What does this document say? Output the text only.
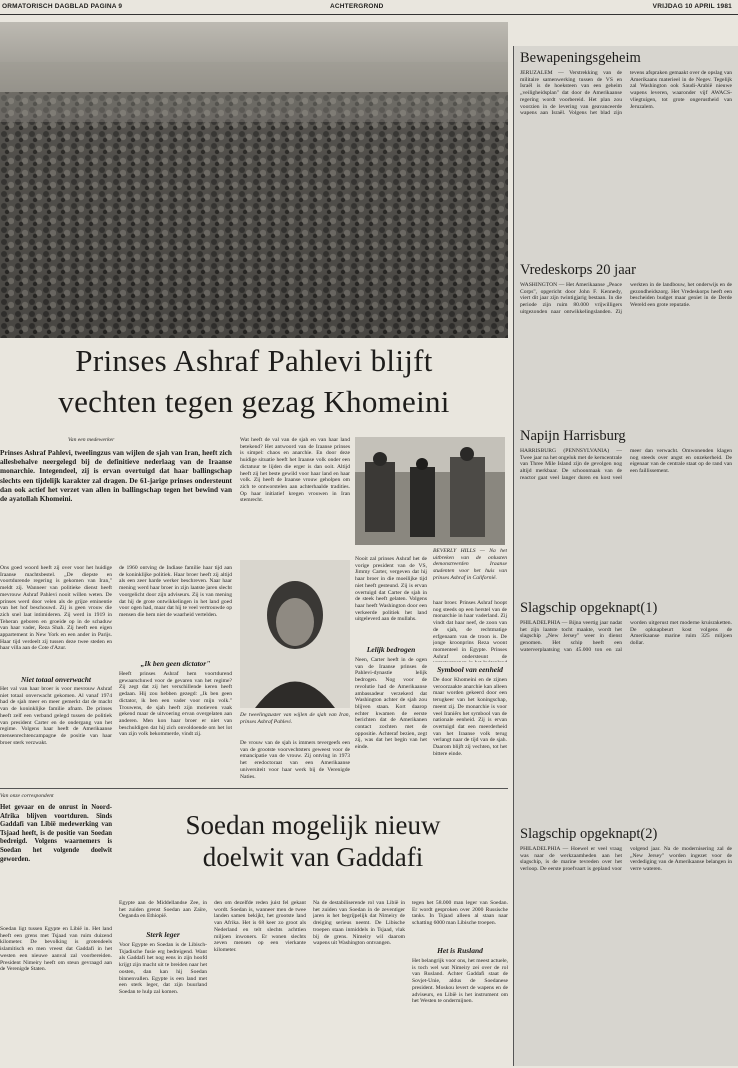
ORMATORISCH DAGBLAD PAGINA 9	ACHTERGROND	VRIJDAG 10 APRIL 1981
Prinses Ashraf Pahlevi blijft
vechten tegen gezag Khomeini
Van een medewerker
Prinses Ashraf Pahlevi, tweelingzus van wijlen de sjah van Iran, heeft zich allesbehalve neergelegd bij de definitieve nederlaag van de Iraanse monarchie. Integendeel, zij is ervan overtuigd dat haar ballingschap slechts een tijdelijk karakter zal dragen. De 61-jarige prinses ondersteunt dan ook actief het verzet van allen in ballingschap tegen het bewind van de ayatollah Khomeini.
Ons goed woord heeft zij over voor het huidige Iraanse machtsbestel. „De diepste en voortdurende regering is gekomen van Iran," meldt zij. Wanneer van politieke dienst heeft mevrouw Ashraf Pahlevi nooit willen weten. De prinses werd door velen als de grijze eminentie van het hof beschouwd. Zij is geen vrouw die zich snel laat intimideren. Zij werd in 1919 in Teheran geboren en groeide op in de schaduw van haar vader, Reza Shah. Zij heeft een eigen appartement in New York en een ander in Parijs. Haar tijd verdeelt zij tussen deze twee steden en haar villa aan de Cote d'Azur.
Niet totaal onverwacht
Het val van haar broer is voor mevrouw Ashraf niet totaal onverwacht gekomen. Al vanaf 1974 had de sjah meer en meer gemerkt dat de macht van de koninklijke familie afnam. De prinses heeft zelf een verband gelegd tussen de politiek van president Carter en de ondergang van het regime. Volgens haar heeft de Amerikaanse mensenrechtencampagne de positie van haar broer sterk verzwakt.
de 1960 ontving de Indiase familie haar tijd aan de koninklijke politiek. Haar broer heeft zij altijd als een zeer harde werker beschreven. Naar haar mening werd haar broer in zijn laatste jaren slecht voorgelicht door zijn adviseurs. Zij is van mening dat hij de grote ontwikkelingen in het land goed voor ogen had, maar dat hij te veel vertrouwde op mensen die hem niet de waarheid vertelden.
„Ik ben geen dictator"
Heeft prinses Ashraf hem voortdurend gewaarschuwd voor de gevaren van het regime? Zij zegt dat zij het verschillende keren heeft gedaan. Hij zou hebben gezegd: „Ik ben geen dictator, ik ben een vader voor mijn volk." Trouwens, de sjah heeft zijn motieven vaak gekend maar de uitvoering ervan overgelaten aan anderen. Men kon haar broer er niet van beschuldigen dat hij zich onvoldoende om het lot van zijn volk bekommerde, vindt zij.
Wat heeft de val van de sjah en van haar land betekend? Het antwoord van de Iraanse prinses is simpel: chaos en anarchie. En door deze huidige situatie heeft het Iraanse volk onder een dictatuur te lijden die erger is dan ooit. Altijd heeft zij het beste gewild voor haar land en haar volk. Zij heeft de Iraanse vrouw geholpen om zich te ontworstelen aan achterhaalde tradities. Op haar initiatief kregen vrouwen in Iran stemrecht.
De tweelingzuster van wijlen de sjah van Iran, prinses Ashraf Pahlevi.
De vrouw van de sjah is immers tevergeefs een van de grootste voorvechtsters geweest voor de emancipatie van de vrouw. Zij ontving in 1973 het eredoctoraat van een Amerikaanse universiteit voor haar werk bij de Verenigde Naties.
Nooit zal prinses Ashraf het de vorige president van de VS, Jimmy Carter, vergeven dat hij haar broer in die moeilijke tijd niet heeft gesteund. Zij is ervan overtuigd dat Carter de sjah in de steek heeft gelaten. Volgens haar heeft Washington door een verkeerde politiek het land uitgeleverd aan de mullahs.
Lelijk bedrogen
Neen, Carter heeft in de ogen van de Iraanse prinses de Pahlevi-dynastie lelijk bedrogen. Nog voor de revolutie had de Amerikaanse ambassadeur verzekerd dat Washington achter de sjah zou blijven staan. Kort daarop echter kwamen de eerste berichten dat de Amerikanen contact zochten met de oppositie. Achteraf bezien, zegt zij, was dat het begin van het einde.
BEVERLY HILLS — Na het uitbreken van de onlusten demonstreerden Iraanse studenten voor het huis van prinses Ashraf in Californië.
haar broer. Prinses Ashraf hoopt nog steeds op een herstel van de monarchie in haar vaderland. Zij vindt dat haar neef, de zoon van de sjah, de rechtmatige erfgenaam van de troon is. De jonge kroonprins Reza woont momenteel in Egypte. Prinses Ashraf ondersteunt de
Symbool van eenheid
De door Khomeini en de zijnen veroorzaakte anarchie kan alleen maar worden gekeerd door een terugkeer van het koningschap, meent zij. De monarchie is voor veel Iraniërs het symbool van de nationale eenheid. Zij is ervan overtuigd dat een meerderheid van het Iraanse volk terug verlangt naar de tijd van de sjah. Daarom blijft zij vechten, tot het bittere einde.
Van onze correspondent
Het gevaar en de onrust in Noord-Afrika blijven voortduren. Sinds Gaddafi van Libië medewerking van Tsjaad heeft, is de positie van Soedan bedreigd. Volgens waarnemers is Soedan het volgende doelwit geworden.
Soedan ligt tussen Egypte en Libië in. Het land heeft een grens met Tsjaad van ruim duizend kilometer. De bevolking is grotendeels islamitisch en men vreest dat Gaddafi in het westen een nieuwe aanval zal voorbereiden. President Nimeiry heeft om steun gevraagd aan de Verenigde Staten.
Soedan mogelijk nieuw
doelwit van Gaddafi
Egypte aan de Middellandse Zee, in het zuiden grenst Soedan aan Zaïre, Oeganda en Ethiopië.
Sterk leger
Voor Egypte en Soedan is de Libisch-Tsjadische fusie erg bedreigend. Want als Gaddafi het nog eens in zijn hoofd krijgt zijn macht uit te breiden naar het oosten, dan kan hij Soedan binnenvallen. Egypte is een land met een sterk leger, dat zijn buurland Soedan te hulp zal komen.
den om dezelfde reden juist fel gekant wordt. Soedan is, wanneer men de twee landen samen bekijkt, het grootste land van Afrika. Het is 68 keer zo groot als Nederland en telt slechts achttien miljoen inwoners. Er wonen slechts zeven mensen op een vierkante kilometer.
Na de destabiliserende rol van Libië in het zuiden van Soedan in de zeventiger jaren is het begrijpelijk dat Nimeiry de dreiging serieus neemt. De Libische troepen staan inmiddels in Tsjaad, vlak bij de grens. Nimeiry wil daarom wapens uit Washington ontvangen.
tegen het 58.000 man leger van Soedan. Er wordt gesproken over 2000 Russische tanks. In Tsjaad alleen al staan naar schatting 6000 man Libische troepen.
Het is Rusland
Het belangrijk voor ons, het meest actuele, is toch wel wat Nimeiry zei over de rol van Rusland. Achter Gaddafi staat de Sovjet-Unie, aldus de Soedanese president. Moskou levert de wapens en de adviseurs, en Libië is het instrument om het Westen te ondermijnen.
Bewapeningsgeheim
JERUZALEM — Verstrekking van de militaire samenwerking tussen de VS en Israël is de hoeksteen van een geheim „veiligheidsplan" dat door de Amerikaanse regering wordt voorbereid. Het plan zou voorzien in de levering van geavanceerde wapens aan Israël. Volgens het blad zijn tevens afspraken gemaakt over de opslag van Amerikaans materieel in de Negev. Tegelijk zal Washington ook Saudi-Arabië nieuwe wapens leveren, waaronder vijf AWACS-vliegtuigen, tot grote ongerustheid van Jeruzalem.
Vredeskorps 20 jaar
WASHINGTON — Het Amerikaanse „Peace Corps", opgericht door John F. Kennedy, viert dit jaar zijn twintigjarig bestaan. In die periode zijn ruim 80.000 vrijwilligers uitgezonden naar ontwikkelingslanden. Zij werkten in de landbouw, het onderwijs en de gezondheidszorg. Het Vredeskorps heeft een bescheiden budget maar geniet in de Derde Wereld een grote reputatie.
Napijn Harrisburg
HARRISBURG (PENNSYLVANIA) — Twee jaar na het ongeluk met de kerncentrale van Three Mile Island zijn de gevolgen nog altijd merkbaar. De schoonmaak van de reactor gaat veel langer duren en kost veel meer dan verwacht. Omwonenden klagen nog steeds over angst en onzekerheid. De eigenaar van de centrale staat op de rand van een faillissement.
Slagschip opgeknapt(1)
PHILADELPHIA — Bijna veertig jaar nadat het zijn laatste tocht maakte, wordt het slagschip „New Jersey" weer in dienst genomen. Het schip heeft een waterverplaatsing van 45.000 ton en zal worden uitgerust met moderne kruisraketten. De opknapbeurt kost volgens de Amerikaanse marine ruim 325 miljoen dollar.
Slagschip opgeknapt(2)
PHILADELPHIA — Hoewel er veel vraag was naar de werkzaamheden aan het slagschip, is de marine tevreden over het verloop. De eerste proefvaart is gepland voor volgend jaar. Na de modernisering zal de „New Jersey" worden ingezet voor de verdediging van de Amerikaanse belangen in verre wateren.
